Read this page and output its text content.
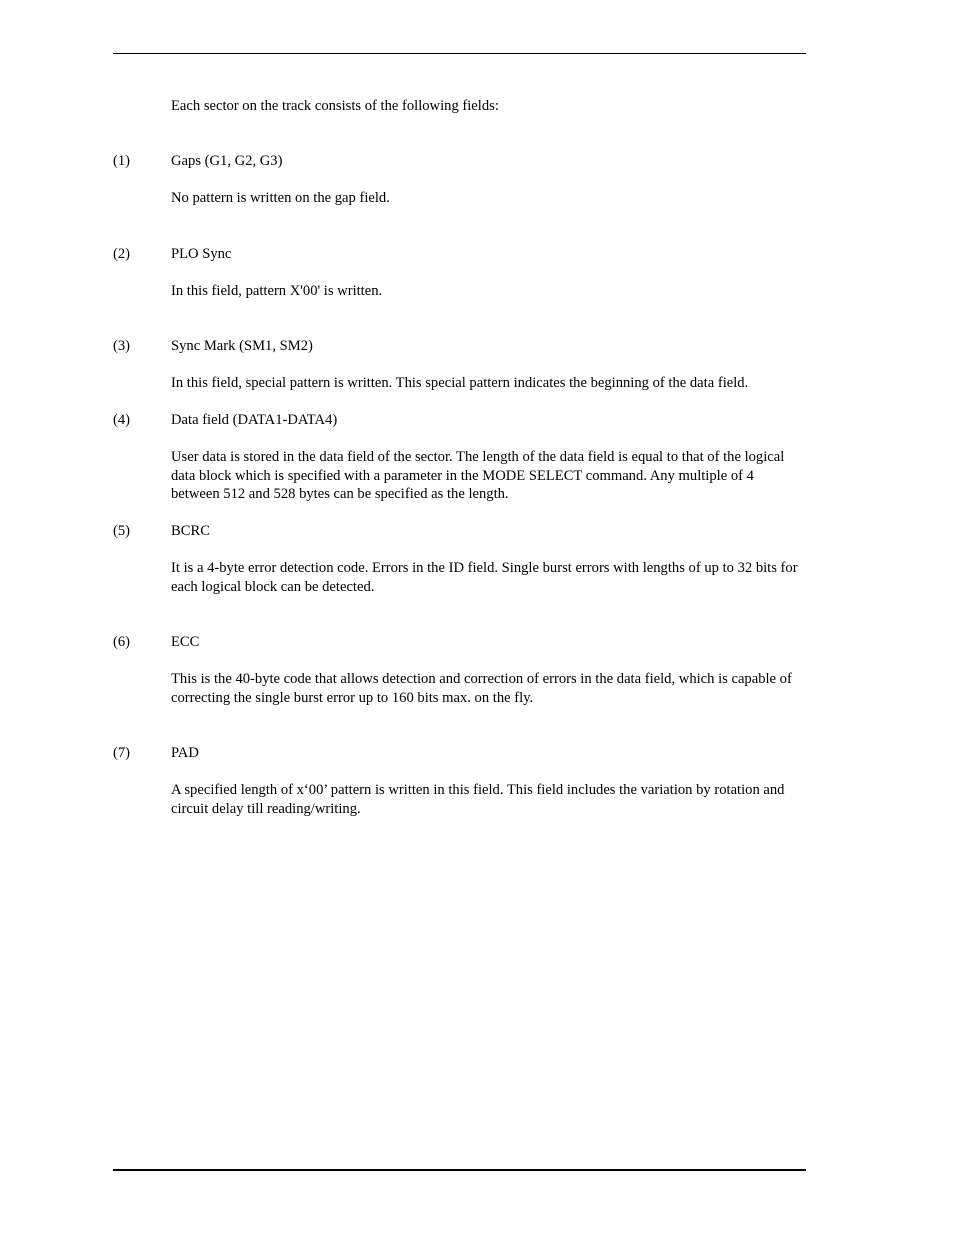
Each sector on the track consists of the following fields:

(1)	Gaps (G1, G2, G3)
No pattern is written on the gap field.
(2)	PLO Sync
In this field, pattern X'00' is written.
(3)	Sync Mark (SM1, SM2)
In this field, special pattern is written. This special pattern indicates the beginning of the data field.
(4)	Data field (DATA1-DATA4)
User data is stored in the data field of the sector. The length of the data field is equal to that of the logical data block which is specified with a parameter in the MODE SELECT command. Any multiple of 4 between 512 and 528 bytes can be specified as the length.
(5)	BCRC
It is a 4-byte error detection code. Errors in the ID field. Single burst errors with lengths of up to 32 bits for each logical block can be detected.
(6)	ECC
This is the 40-byte code that allows detection and correction of errors in the data field, which is capable of correcting the single burst error up to 160 bits max. on the fly.
(7)	PAD
A specified length of x‘00’ pattern is written in this field. This field includes the variation by rotation and circuit delay till reading/writing.
